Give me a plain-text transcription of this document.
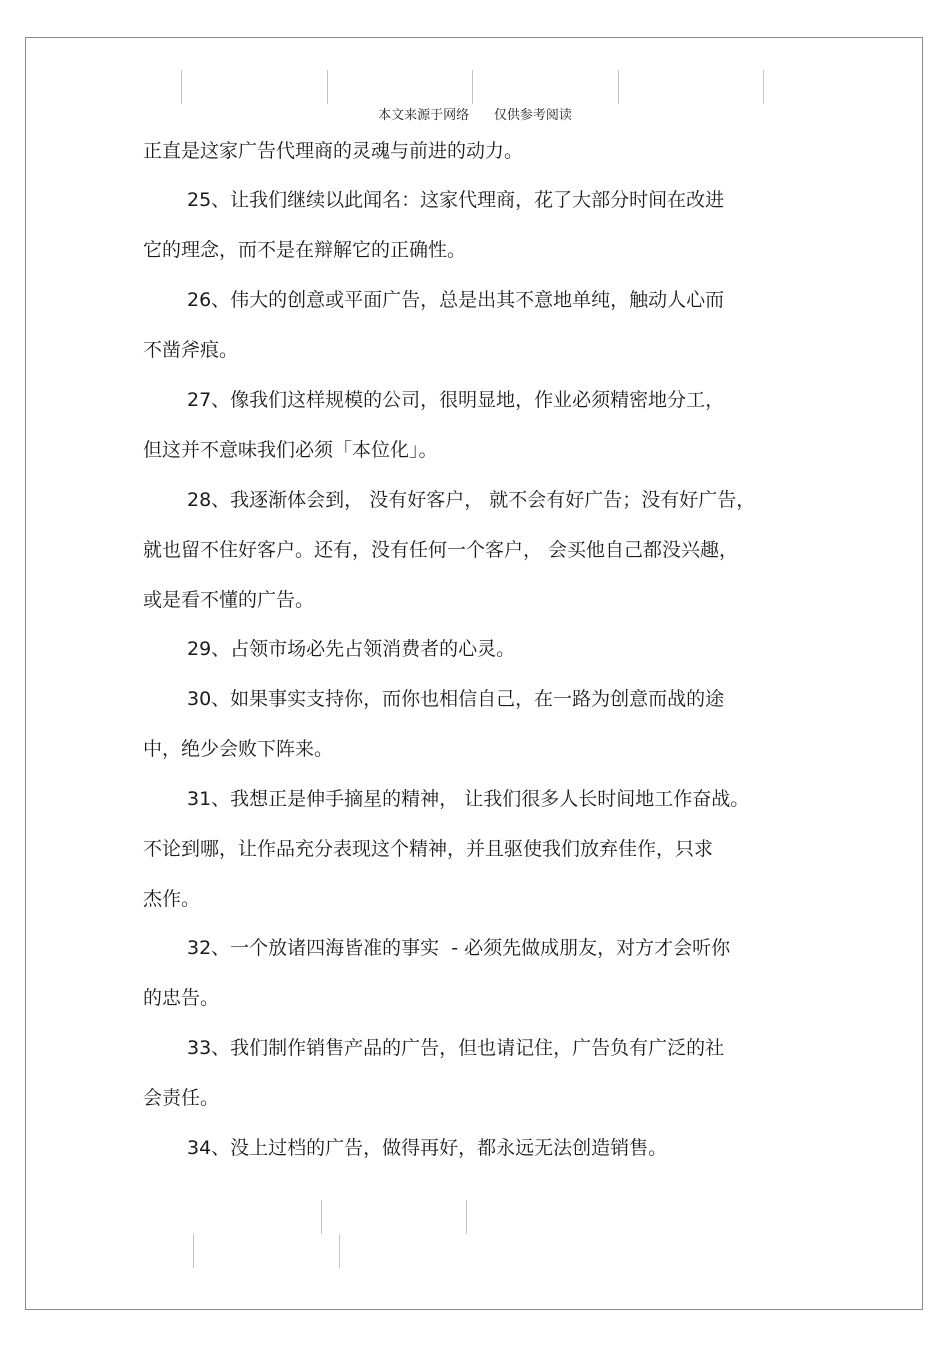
本文来源于网络      仅供参考阅读
正直是这家广告代理商的灵魂与前进的动力。
25、让我们继续以此闻名：这家代理商，花了大部分时间在改进
它的理念，而不是在辩解它的正确性。
26、伟大的创意或平面广告，总是出其不意地单纯，触动人心而
不凿斧痕。
27、像我们这样规模的公司，很明显地，作业必须精密地分工，
但这并不意味我们必须「本位化」。
28、我逐渐体会到， 没有好客户， 就不会有好广告；没有好广告，
就也留不住好客户。还有，没有任何一个客户， 会买他自己都没兴趣，
或是看不懂的广告。
29、占领市场必先占领消费者的心灵。
30、如果事实支持你，而你也相信自己，在一路为创意而战的途
中，绝少会败下阵来。
31、我想正是伸手摘星的精神， 让我们很多人长时间地工作奋战。
不论到哪，让作品充分表现这个精神，并且驱使我们放弃佳作，只求
杰作。
32、一个放诸四海皆准的事实  - 必须先做成朋友，对方才会听你
的忠告。
33、我们制作销售产品的广告，但也请记住，广告负有广泛的社
会责任。
34、没上过档的广告，做得再好，都永远无法创造销售。
